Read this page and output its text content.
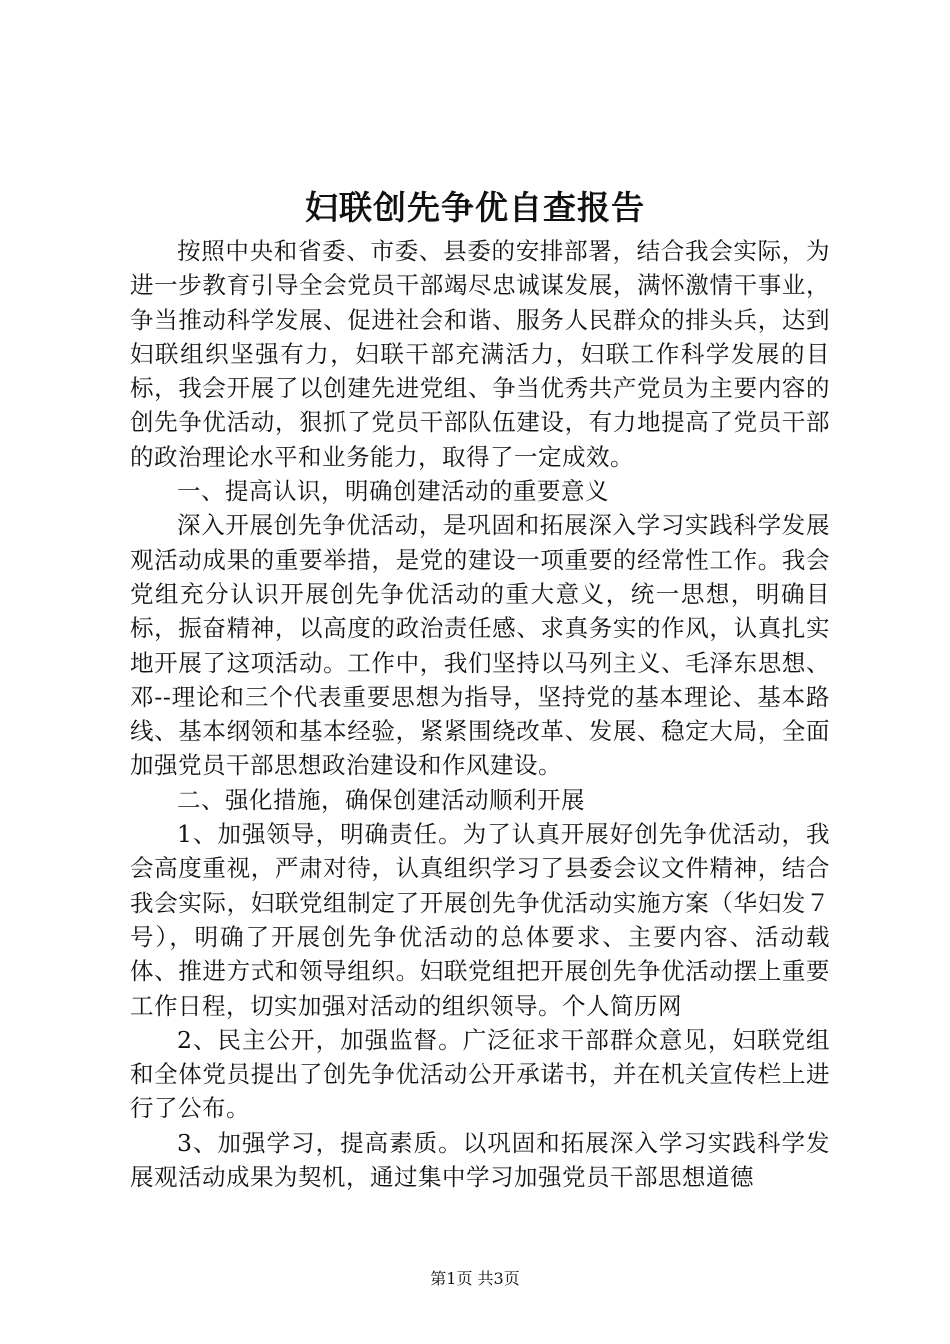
妇联创先争优自查报告

按照中央和省委、市委、县委的安排部署，结合我会实际，为进一步教育引导全会党员干部竭尽忠诚谋发展，满怀激情干事业，争当推动科学发展、促进社会和谐、服务人民群众的排头兵，达到妇联组织坚强有力，妇联干部充满活力，妇联工作科学发展的目标，我会开展了以创建先进党组、争当优秀共产党员为主要内容的创先争优活动，狠抓了党员干部队伍建设，有力地提高了党员干部的政治理论水平和业务能力，取得了一定成效。

一、提高认识，明确创建活动的重要意义

深入开展创先争优活动，是巩固和拓展深入学习实践科学发展观活动成果的重要举措，是党的建设一项重要的经常性工作。我会党组充分认识开展创先争优活动的重大意义，统一思想，明确目标，振奋精神，以高度的政治责任感、求真务实的作风，认真扎实地开展了这项活动。工作中，我们坚持以马列主义、毛泽东思想、邓--理论和三个代表重要思想为指导，坚持党的基本理论、基本路线、基本纲领和基本经验，紧紧围绕改革、发展、稳定大局，全面加强党员干部思想政治建设和作风建设。

二、强化措施，确保创建活动顺利开展

1、加强领导，明确责任。为了认真开展好创先争优活动，我会高度重视，严肃对待，认真组织学习了县委会议文件精神，结合我会实际，妇联党组制定了开展创先争优活动实施方案（华妇发７号），明确了开展创先争优活动的总体要求、主要内容、活动载体、推进方式和领导组织。妇联党组把开展创先争优活动摆上重要工作日程，切实加强对活动的组织领导。个人简历网

2、民主公开，加强监督。广泛征求干部群众意见，妇联党组和全体党员提出了创先争优活动公开承诺书，并在机关宣传栏上进行了公布。

3、加强学习，提高素质。以巩固和拓展深入学习实践科学发展观活动成果为契机，通过集中学习加强党员干部思想道德

第1页 共3页
